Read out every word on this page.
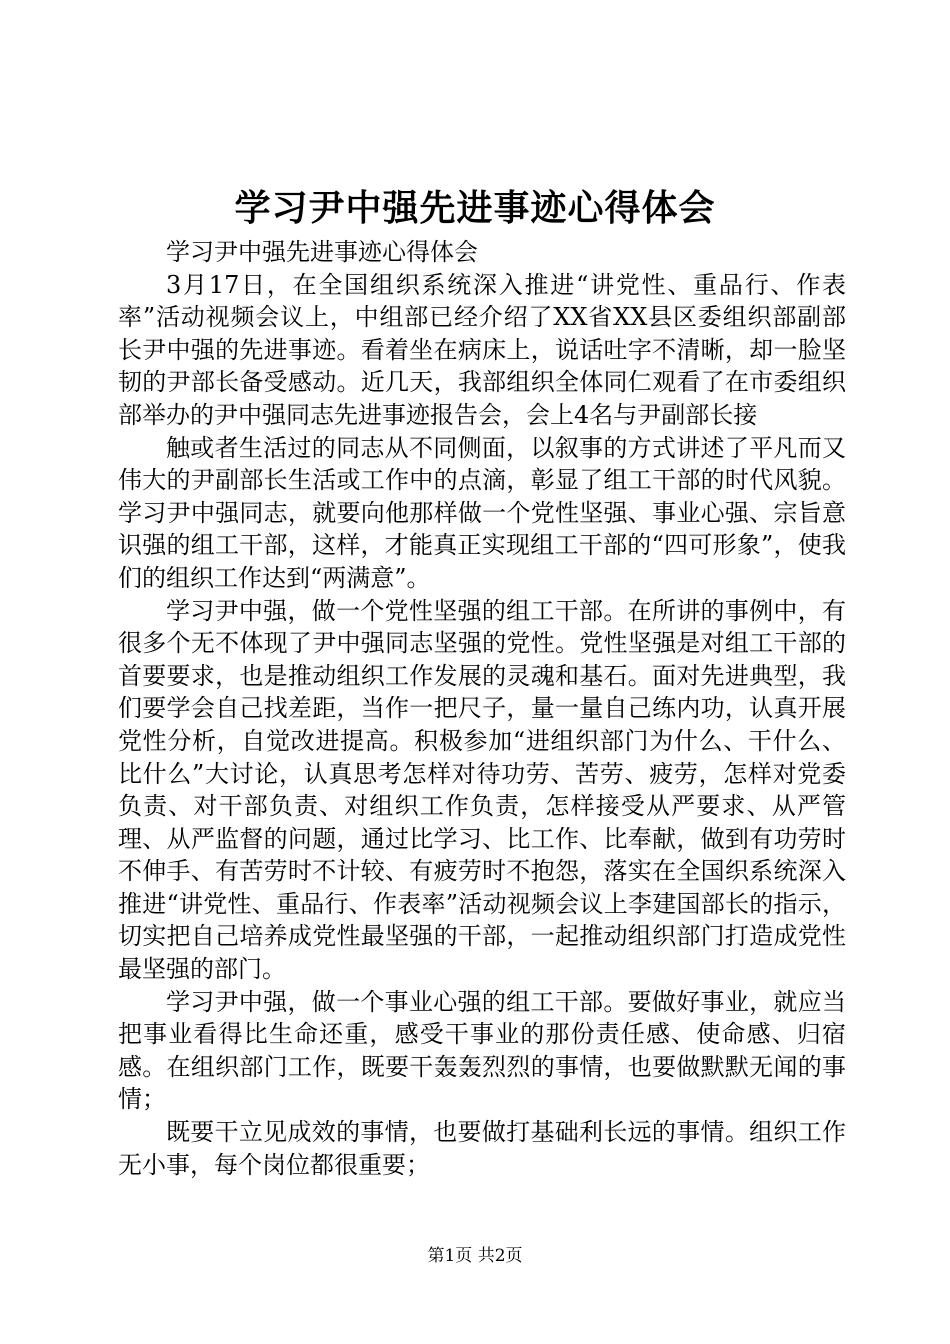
学习尹中强先进事迹心得体会

学习尹中强先进事迹心得体会

3月17日，在全国组织系统深入推进“讲党性、重品行、作表率”活动视频会议上，中组部已经介绍了XX省XX县区委组织部副部长尹中强的先进事迹。看着坐在病床上，说话吐字不清晰，却一脸坚韧的尹部长备受感动。近几天，我部组织全体同仁观看了在市委组织部举办的尹中强同志先进事迹报告会，会上4名与尹副部长接

触或者生活过的同志从不同侧面，以叙事的方式讲述了平凡而又伟大的尹副部长生活或工作中的点滴，彰显了组工干部的时代风貌。学习尹中强同志，就要向他那样做一个党性坚强、事业心强、宗旨意识强的组工干部，这样，才能真正实现组工干部的“四可形象”，使我们的组织工作达到“两满意”。

学习尹中强，做一个党性坚强的组工干部。在所讲的事例中，有很多个无不体现了尹中强同志坚强的党性。党性坚强是对组工干部的首要要求，也是推动组织工作发展的灵魂和基石。面对先进典型，我们要学会自己找差距，当作一把尺子，量一量自己练内功，认真开展党性分析，自觉改进提高。积极参加“进组织部门为什么、干什么、比什么”大讨论，认真思考怎样对待功劳、苦劳、疲劳，怎样对党委负责、对干部负责、对组织工作负责，怎样接受从严要求、从严管理、从严监督的问题，通过比学习、比工作、比奉献，做到有功劳时不伸手、有苦劳时不计较、有疲劳时不抱怨，落实在全国织系统深入推进“讲党性、重品行、作表率”活动视频会议上李建国部长的指示，切实把自己培养成党性最坚强的干部，一起推动组织部门打造成党性最坚强的部门。

学习尹中强，做一个事业心强的组工干部。要做好事业，就应当把事业看得比生命还重，感受干事业的那份责任感、使命感、归宿感。在组织部门工作，既要干轰轰烈烈的事情，也要做默默无闻的事情；

既要干立见成效的事情，也要做打基础利长远的事情。组织工作无小事，每个岗位都很重要；

第1页 共2页
